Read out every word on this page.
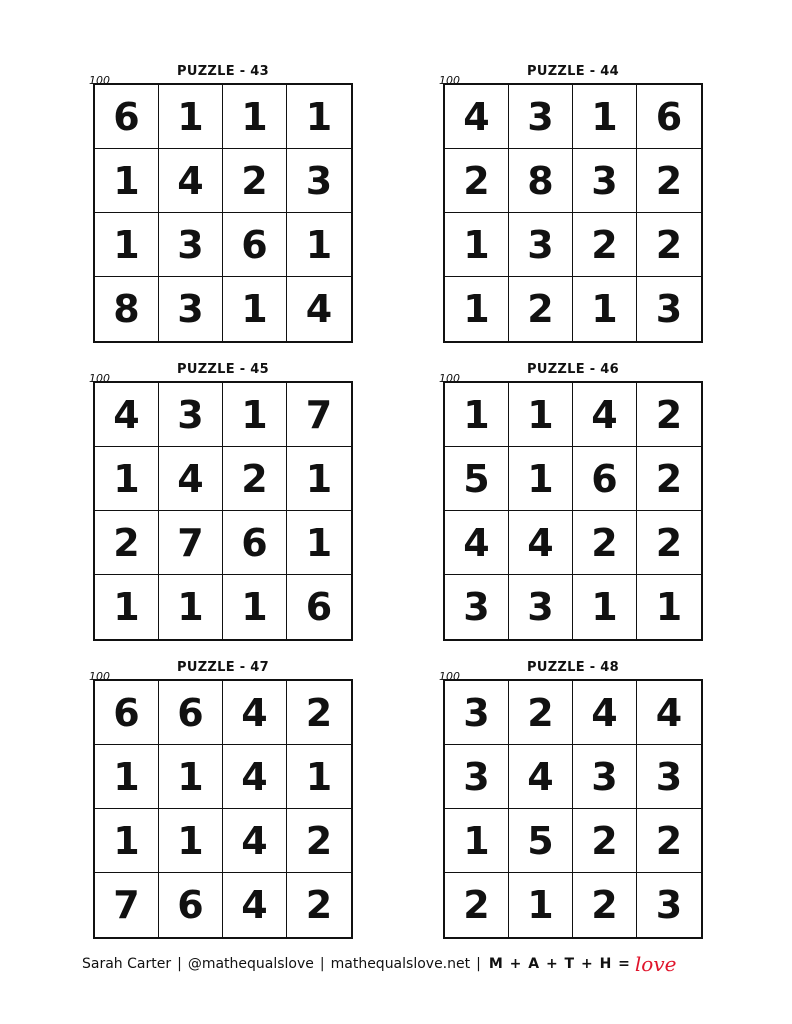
PUZZLE - 43
100
6 1 1	1
1 4 2	3
1 3 6	1
8 3 1	4
PUZZLE - 44
100
4 3 1	6
2 8 3	2
1 3 2	2
1 2 1	3
PUZZLE - 45
100
4 3 1	7
1 4 2	1
2 7 6	1
1 1 1	6
PUZZLE - 46
100
1 1 4	2
5 1 6	2
4 4 2	2
3 3 1	1
PUZZLE - 47
100
6 6 4	2
1 1 4	1
1 1 4	2
7 6 4	2
PUZZLE - 48
100
3 2 4	4
3 4 3	3
1 5 2	2
2 1 2	3
Sarah Carter | @mathequalslove | mathequalslove.net | M + A + T + H = love
